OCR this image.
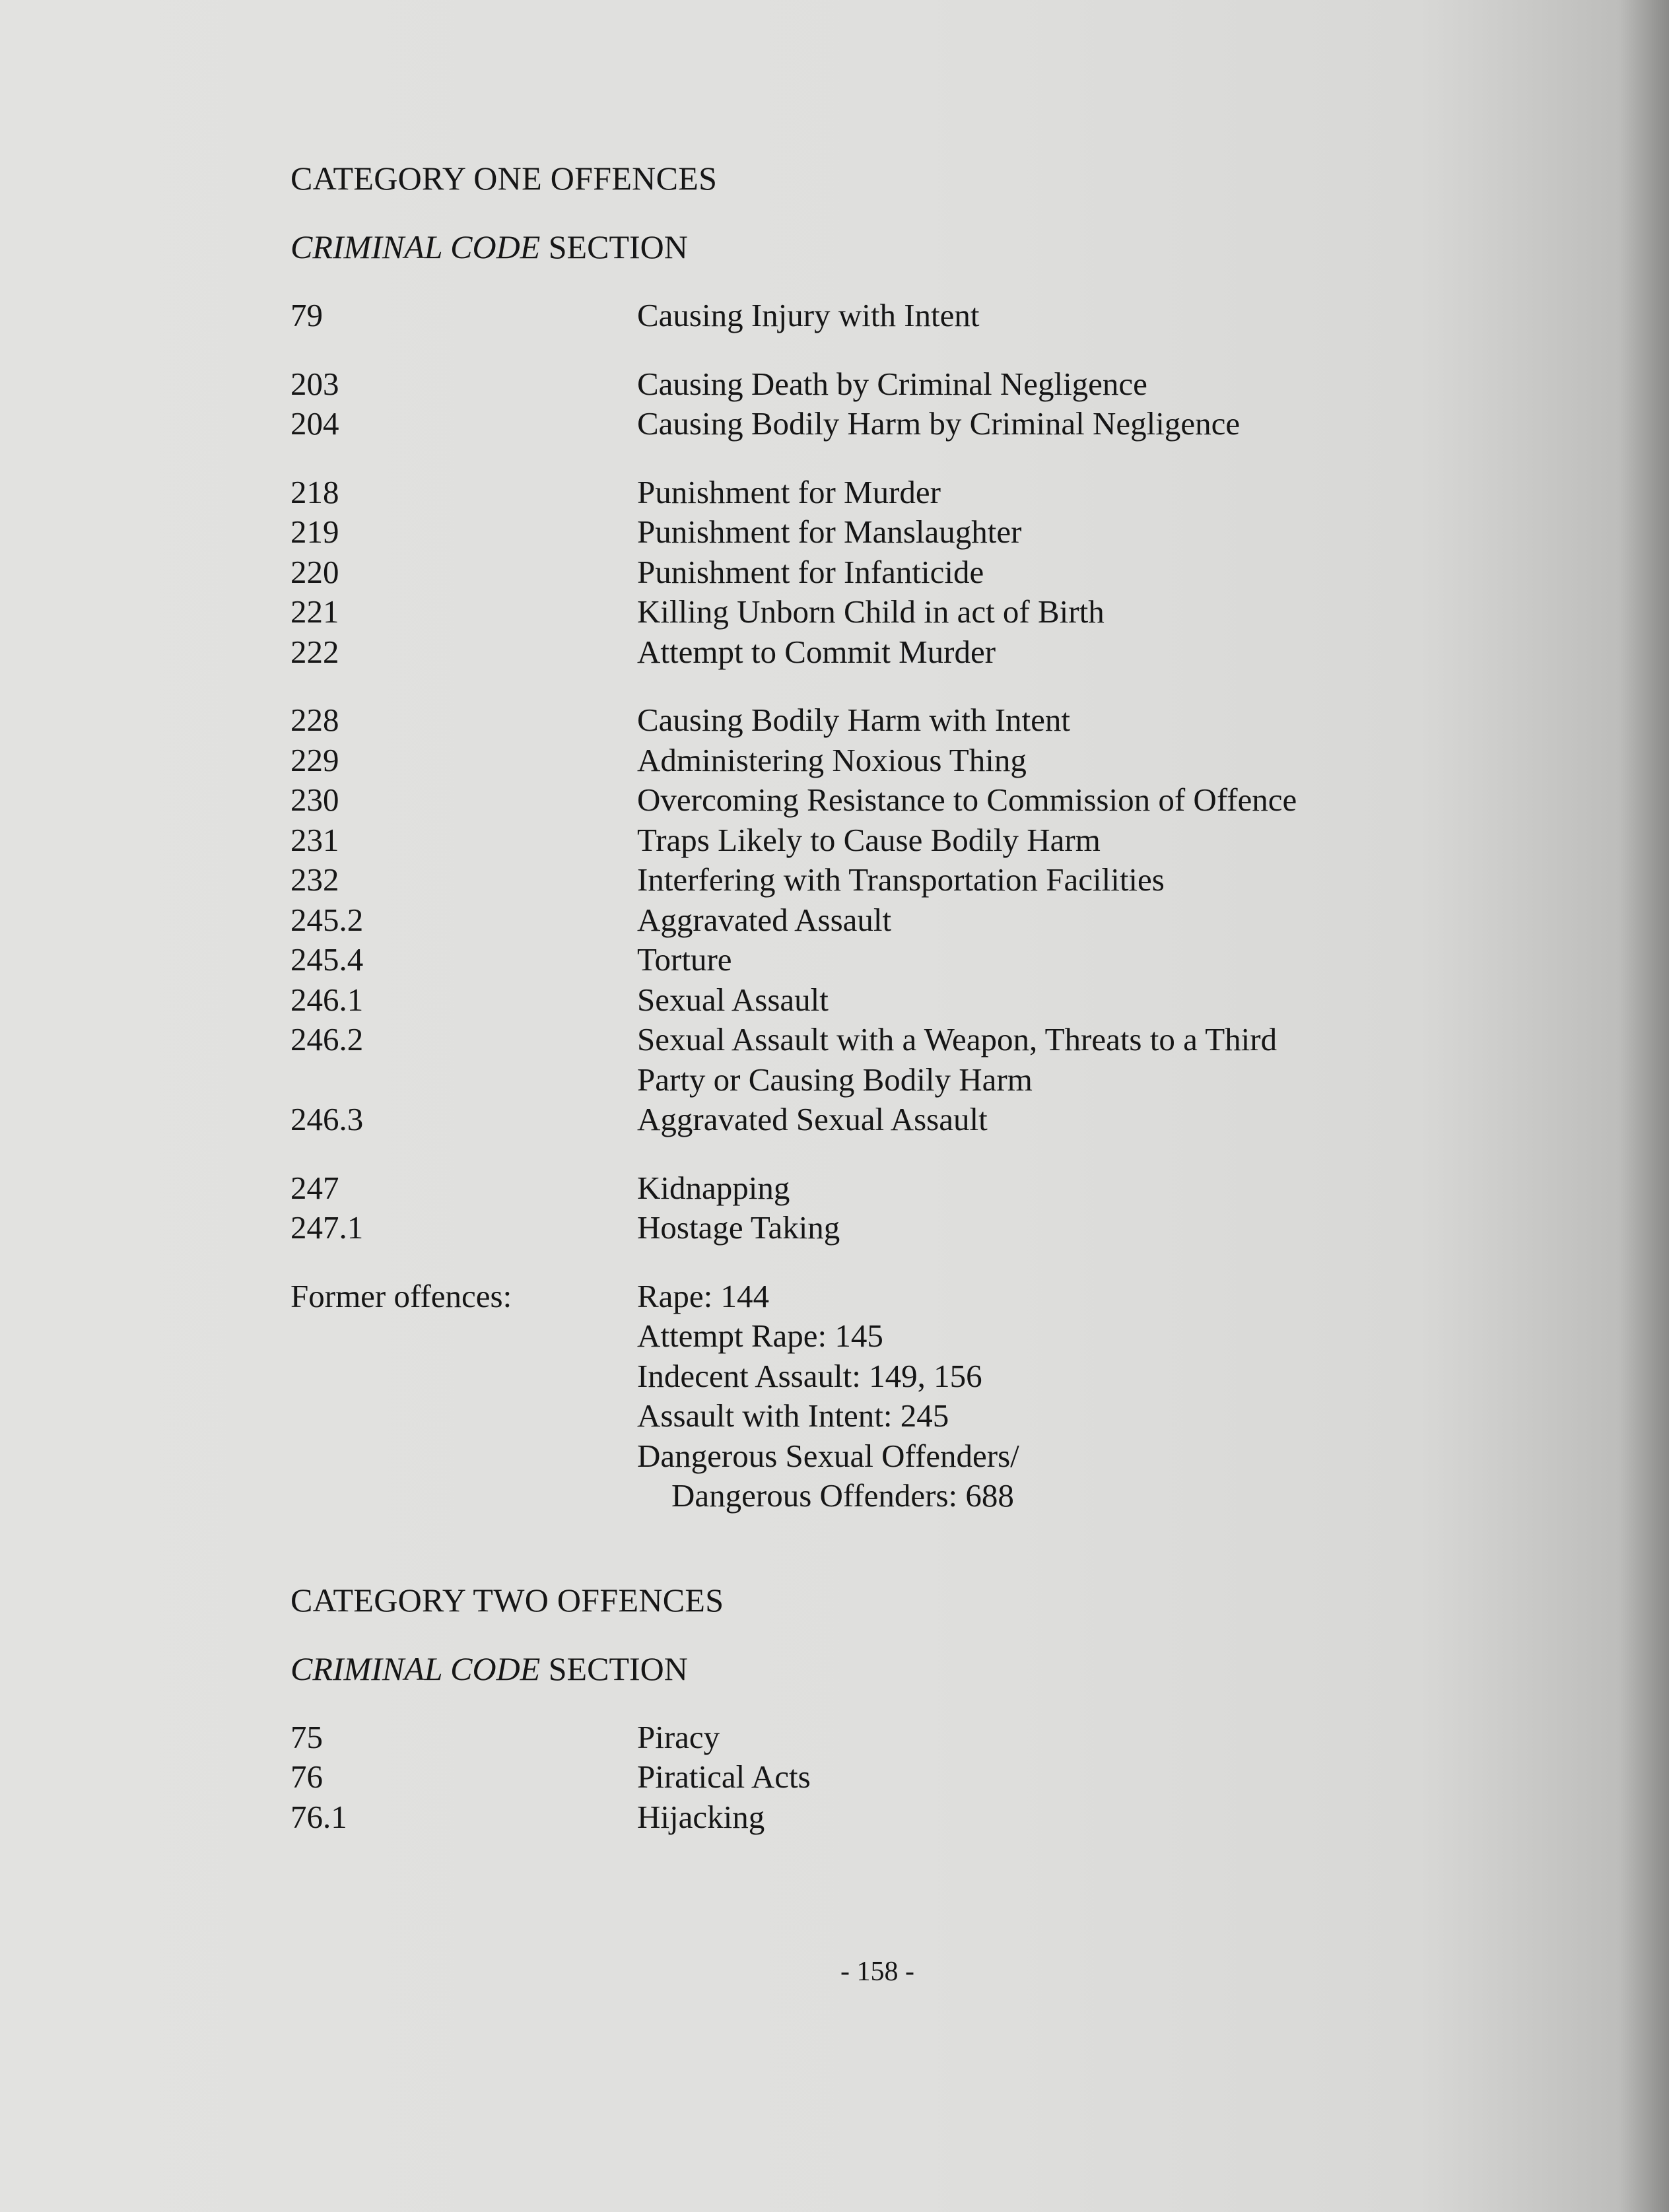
CATEGORY ONE OFFENCES
CRIMINAL CODE SECTION
79	Causing Injury with Intent
203	Causing Death by Criminal Negligence
204	Causing Bodily Harm by Criminal Negligence
218	Punishment for Murder
219	Punishment for Manslaughter
220	Punishment for Infanticide
221	Killing Unborn Child in act of Birth
222	Attempt to Commit Murder
228	Causing Bodily Harm with Intent
229	Administering Noxious Thing
230	Overcoming Resistance to Commission of Offence
231	Traps Likely to Cause Bodily Harm
232	Interfering with Transportation Facilities
245.2	Aggravated Assault
245.4	Torture
246.1	Sexual Assault
246.2	Sexual Assault with a Weapon, Threats to a Third
Party or Causing Bodily Harm
246.3	Aggravated Sexual Assault
247	Kidnapping
247.1	Hostage Taking
Former offences:	Rape: 144
Attempt Rape: 145
Indecent Assault: 149, 156
Assault with Intent: 245
Dangerous Sexual Offenders/
Dangerous Offenders: 688
CATEGORY TWO OFFENCES
CRIMINAL CODE SECTION
75	Piracy
76	Piratical Acts
76.1	Hijacking
- 158 -
